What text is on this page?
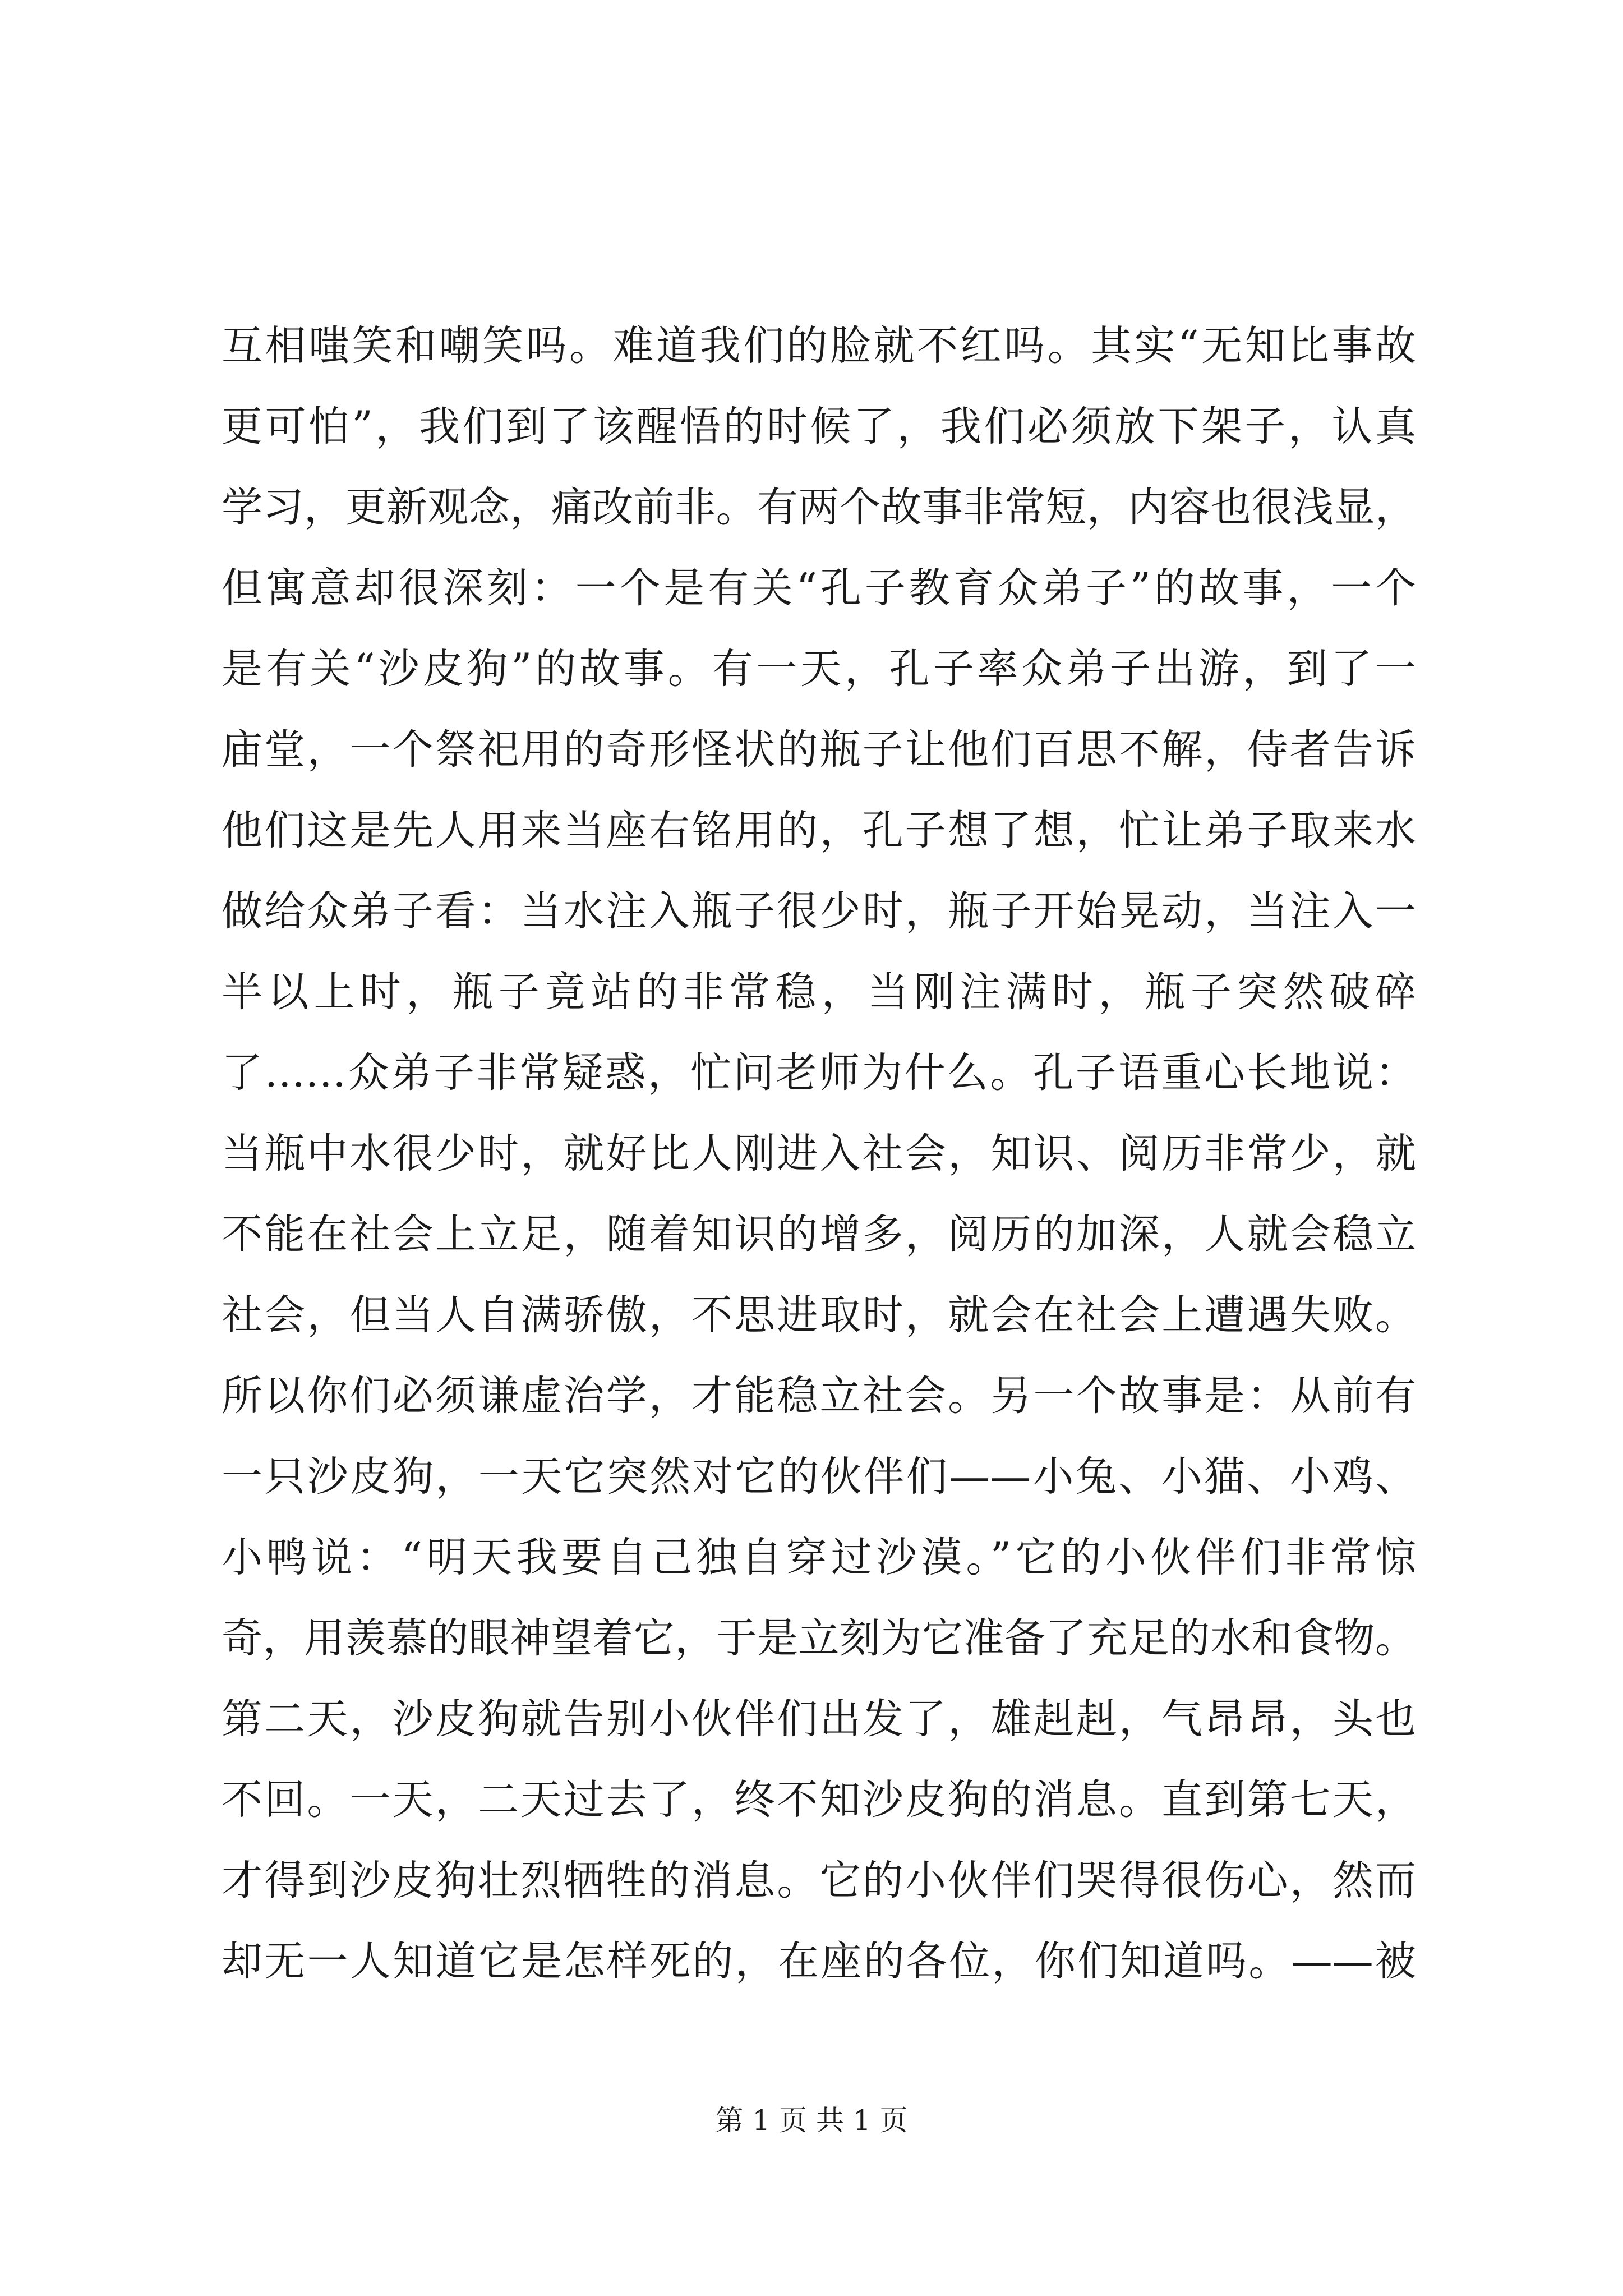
互相嗤笑和嘲笑吗。难道我们的脸就不红吗。其实“无知比事故
更可怕”，我们到了该醒悟的时候了，我们必须放下架子，认真
学习，更新观念，痛改前非。有两个故事非常短，内容也很浅显，
但寓意却很深刻：一个是有关“孔子教育众弟子”的故事，一个
是有关“沙皮狗”的故事。有一天，孔子率众弟子出游，到了一
庙堂，一个祭祀用的奇形怪状的瓶子让他们百思不解，侍者告诉
他们这是先人用来当座右铭用的，孔子想了想，忙让弟子取来水
做给众弟子看：当水注入瓶子很少时，瓶子开始晃动，当注入一
半以上时，瓶子竟站的非常稳，当刚注满时，瓶子突然破碎
了……众弟子非常疑惑，忙问老师为什么。孔子语重心长地说：
当瓶中水很少时，就好比人刚进入社会，知识、阅历非常少，就
不能在社会上立足，随着知识的增多，阅历的加深，人就会稳立
社会，但当人自满骄傲，不思进取时，就会在社会上遭遇失败。
所以你们必须谦虚治学，才能稳立社会。另一个故事是：从前有
一只沙皮狗，一天它突然对它的伙伴们——小兔、小猫、小鸡、
小鸭说：“明天我要自己独自穿过沙漠。”它的小伙伴们非常惊
奇，用羡慕的眼神望着它，于是立刻为它准备了充足的水和食物。
第二天，沙皮狗就告别小伙伴们出发了，雄赳赳，气昂昂，头也
不回。一天，二天过去了，终不知沙皮狗的消息。直到第七天，
才得到沙皮狗壮烈牺牲的消息。它的小伙伴们哭得很伤心，然而
却无一人知道它是怎样死的，在座的各位，你们知道吗。——被
第 1 页 共 1 页
